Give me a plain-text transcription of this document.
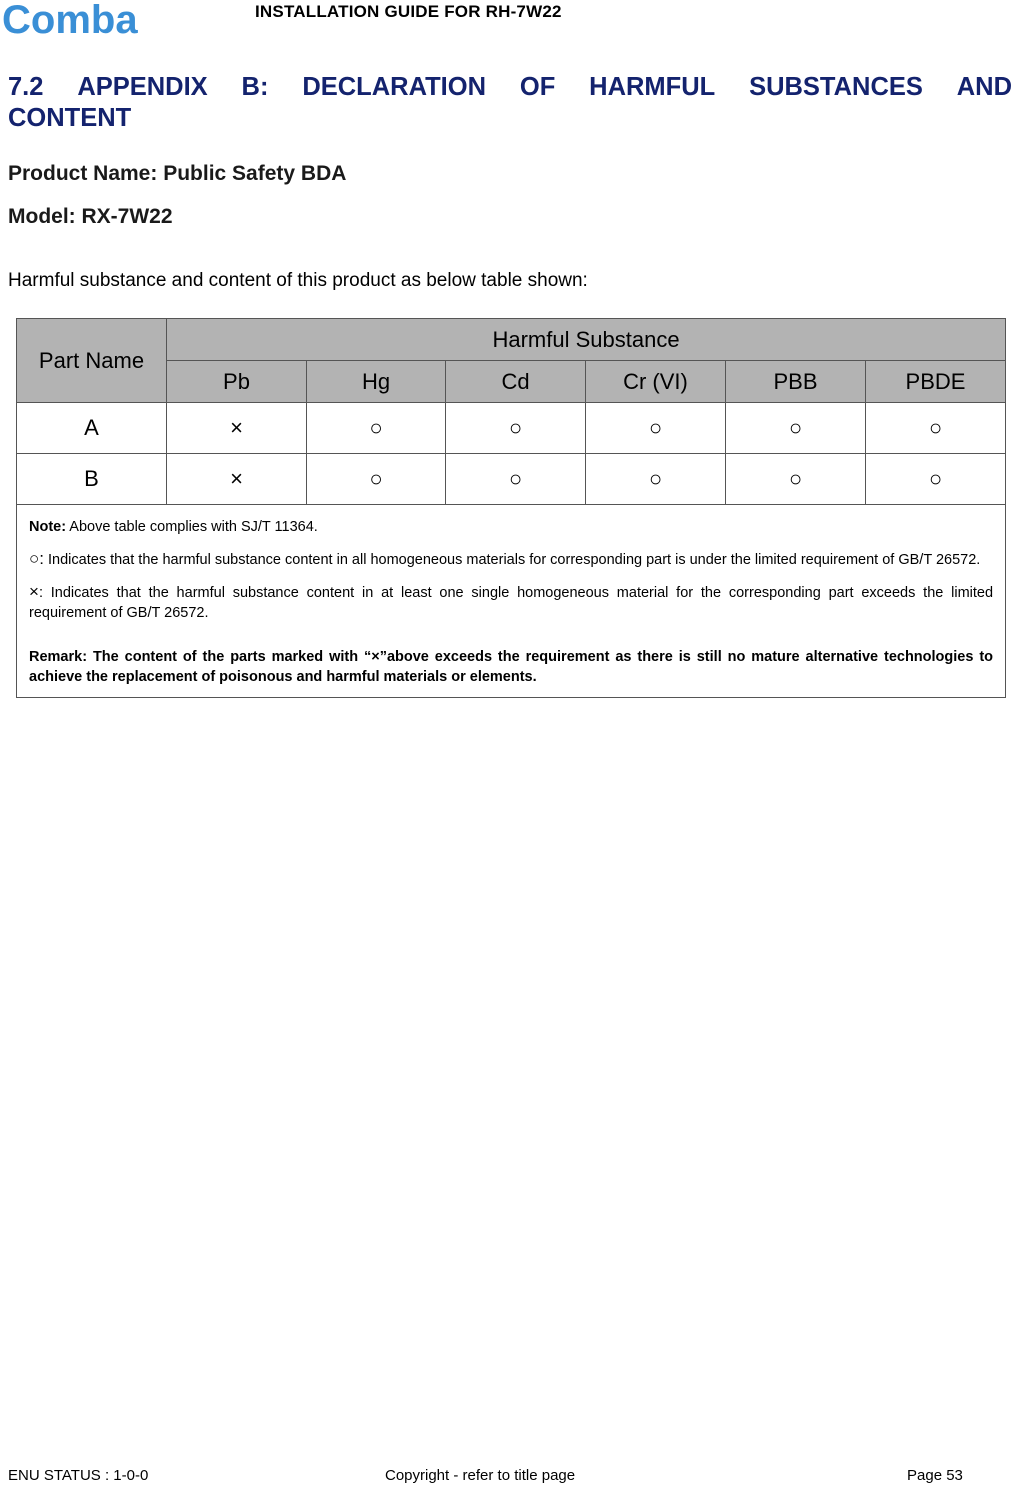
Comba	INSTALLATION GUIDE FOR RH-7W22
7.2 APPENDIX B: DECLARATION OF HARMFUL SUBSTANCES AND
CONTENT
Product Name: Public Safety BDA
Model: RX-7W22
Harmful substance and content of this product as below table shown:
Part Name	Harmful Substance					
	Pb	Hg	Cd	Cr (VI)	PBB	PBDE
A	×	○	○	○	○	○
B	×	○	○	○	○	○

Note: Above table complies with SJ/T 11364.

○: Indicates that the harmful substance content in all homogeneous materials for corresponding part is under the limited requirement of GB/T 26572.

×: Indicates that the harmful substance content in at least one single homogeneous material for the corresponding part exceeds the limited requirement of GB/T 26572.

Remark: The content of the parts marked with “×”above exceeds the requirement as there is still no mature alternative technologies to achieve the replacement of poisonous and harmful materials or elements.						

ENU STATUS : 1-0-0	Copyright - refer to title page	Page 53
